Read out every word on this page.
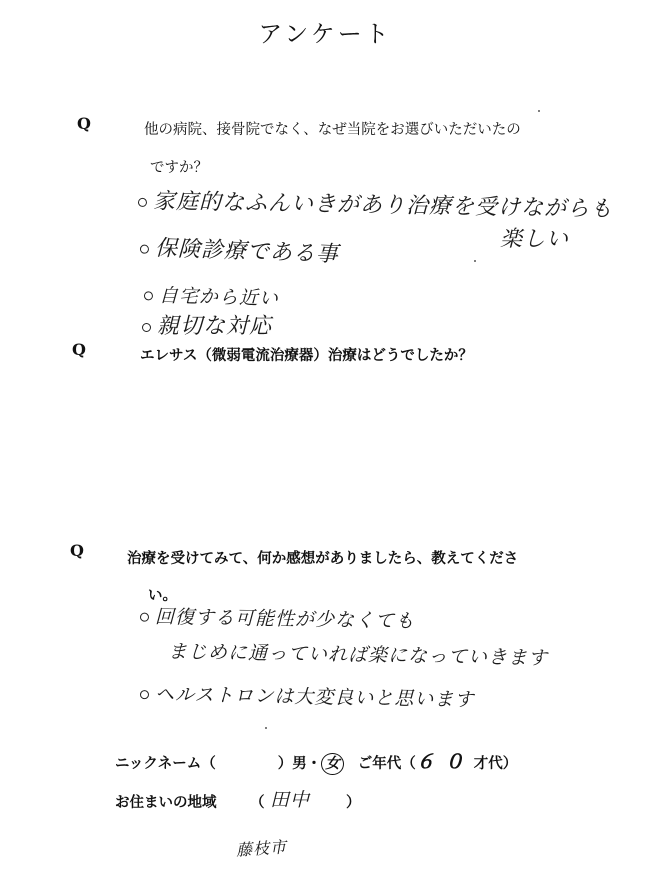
アンケート
Q	他の病院、接骨院でなく、なぜ当院をお選びいただいたの
ですか？
家庭的なふんいきがあり治療を受けながらも
楽しい
保険診療である事
自宅から近い
親切な対応
Q	エレサス（微弱電流治療器）治療はどうでしたか？
Q	治療を受けてみて、何か感想がありましたら、教えてくださ
い。
回復する可能性が少なくても
まじめに通っていれば楽になっていきます
ヘルストロンは大変良いと思います
ニックネーム（	）男・ 女 ご年代（６０才代）
お住まいの地域 （ 田中 ）
藤枝市
